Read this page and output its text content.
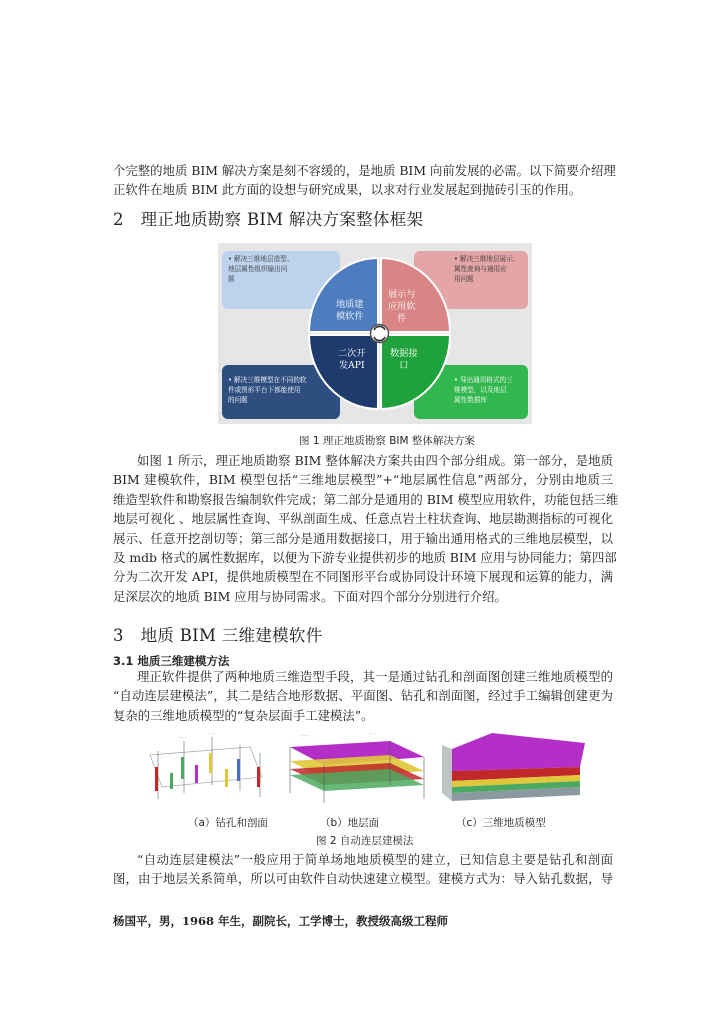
个完整的地质 BIM 解决方案是刻不容缓的，是地质 BIM 向前发展的必需。以下简要介绍理
正软件在地质 BIM 此方面的设想与研究成果，以求对行业发展起到抛砖引玉的作用。
2　理正地质勘察 BIM 解决方案整体框架
• 解决三维地层造型、
地层属性组织输出问
题
• 解决三维地层展示、
属性查询与通用应
用问题
• 解决三维模型在不同的软
件或图形平台下都能使用
的问题
• 导出通用格式的三
维模型，以及地层
属性数据库
地质建
模软件
展示与
应用软
件
二次开
发API
数据接
口

图 1 理正地质勘察 BIM 整体解决方案

如图 1 所示，理正地质勘察 BIM 整体解决方案共由四个部分组成。第一部分，是地质
BIM 建模软件，BIM 模型包括“三维地层模型”+“地层属性信息”两部分，分别由地质三
维造型软件和勘察报告编制软件完成；第二部分是通用的 BIM 模型应用软件，功能包括三维
地层可视化 、地层属性查询、平纵剖面生成、任意点岩土柱状查询、地层勘测指标的可视化
展示、任意开挖剖切等；第三部分是通用数据接口，用于输出通用格式的三维地层模型，以
及 mdb 格式的属性数据库，以便为下游专业提供初步的地质 BIM 应用与协同能力；第四部
分为二次开发 API，提供地质模型在不同图形平台或协同设计环境下展现和运算的能力，满
足深层次的地质 BIM 应用与协同需求。下面对四个部分分别进行介绍。
3　地质 BIM 三维建模软件
3.1 地质三维建模方法
理正软件提供了两种地质三维造型手段，其一是通过钻孔和剖面图创建三维地质模型的
“自动连层建模法”，其二是结合地形数据、平面图、钻孔和剖面图，经过手工编辑创建更为
复杂的三维地质模型的“复杂层面手工建模法”。
·· ·
· ··	· ·· ·	·· ·

（a）钻孔和剖面	（b）地层面	（c）三维地质模型

图 2 自动连层建模法

“自动连层建模法”一般应用于简单场地地质模型的建立，已知信息主要是钻孔和剖面
图，由于地层关系简单，所以可由软件自动快速建立模型。建模方式为：导入钻孔数据，导

杨国平，男，1968 年生，副院长，工学博士，教授级高级工程师
